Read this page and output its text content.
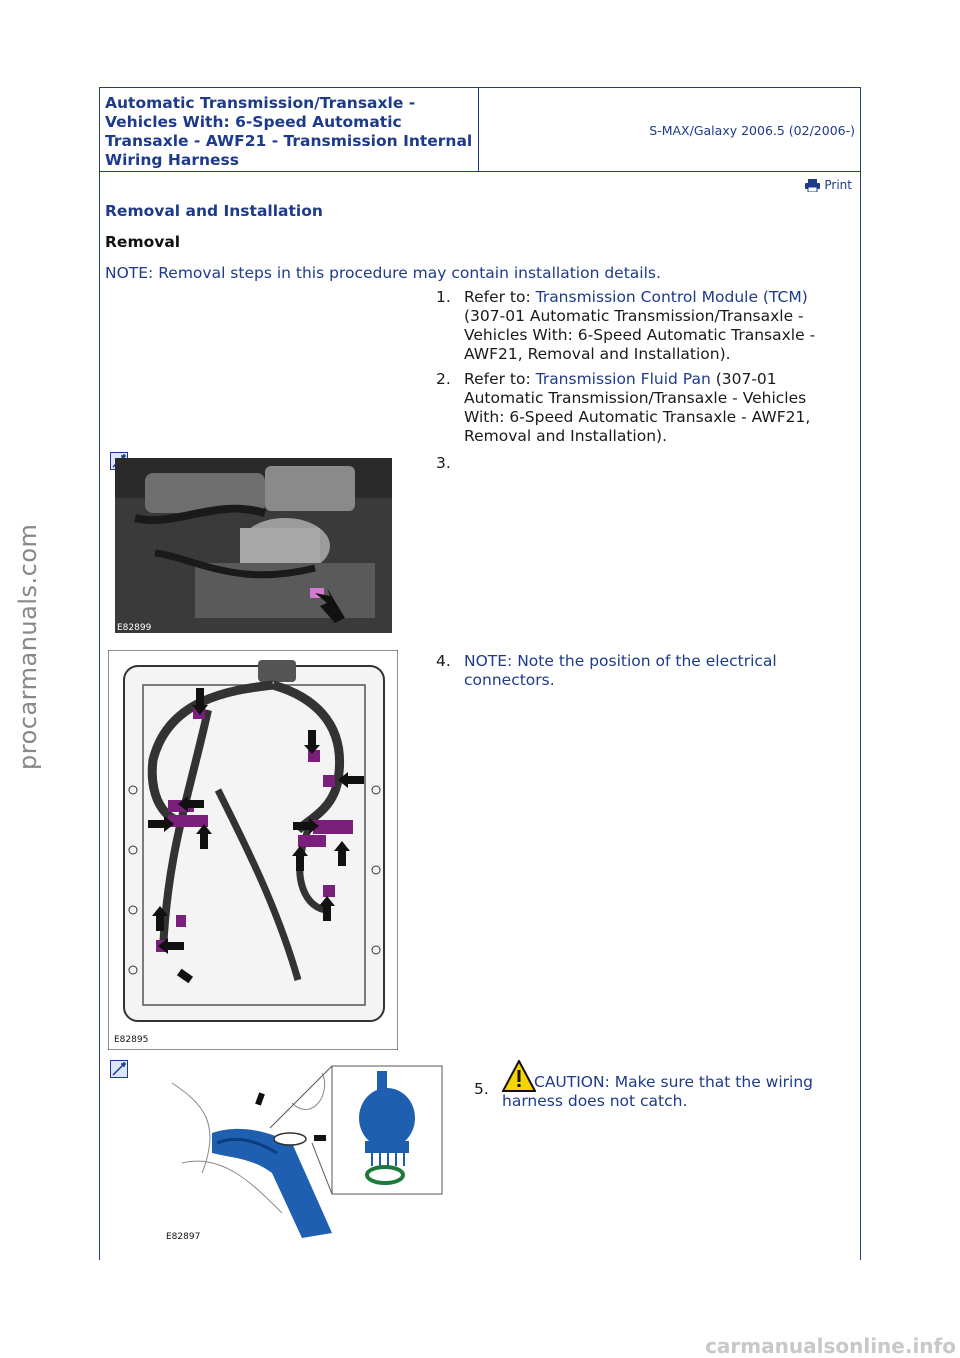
Automatic Transmission/Transaxle - Vehicles With: 6-Speed Automatic Transaxle - AWF21 - Transmission Internal Wiring Harness
S-MAX/Galaxy 2006.5 (02/2006-)
Print
Removal and Installation
Removal
NOTE: Removal steps in this procedure may contain installation details.
1. Refer to: Transmission Control Module (TCM) (307-01 Automatic Transmission/Transaxle - Vehicles With: 6-Speed Automatic Transaxle - AWF21, Removal and Installation).
2. Refer to: Transmission Fluid Pan (307-01 Automatic Transmission/Transaxle - Vehicles With: 6-Speed Automatic Transaxle - AWF21, Removal and Installation).
E82899
3.
E82895
4. NOTE: Note the position of the electrical connectors.
E82897
5.	CAUTION: Make sure that the wiring harness does not catch.
procarmanuals.com
carmanualsonline.info
